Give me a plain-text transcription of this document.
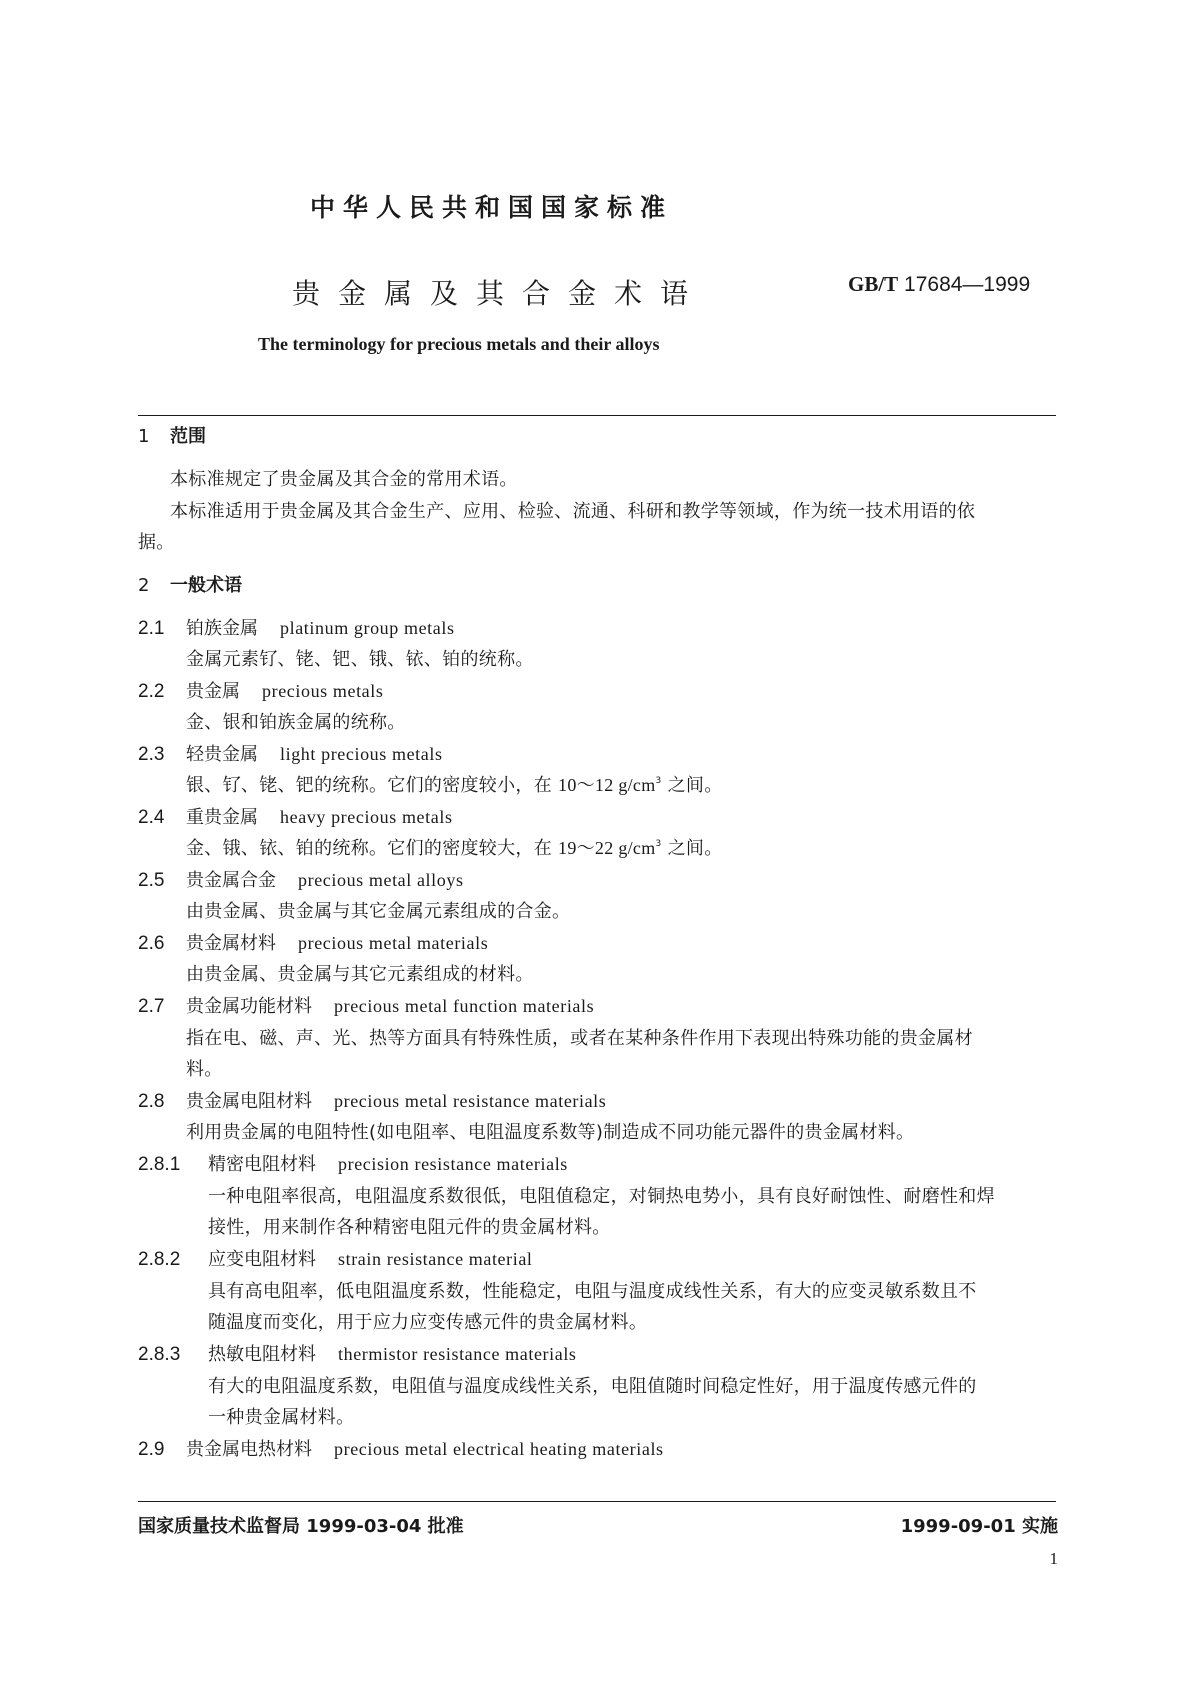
中华人民共和国国家标准
贵金属及其合金术语	GB/T 17684—1999
The terminology for precious metals and their alloys
1 范围
本标准规定了贵金属及其合金的常用术语。
本标准适用于贵金属及其合金生产、应用、检验、流通、科研和教学等领域，作为统一技术用语的依
据。
2 一般术语
2.1 铂族金属 platinum group metals
金属元素钌、铑、钯、锇、铱、铂的统称。
2.2 贵金属 precious metals
金、银和铂族金属的统称。
2.3 轻贵金属 light precious metals
银、钌、铑、钯的统称。它们的密度较小，在 10～12 $g/cm^3$ 之间。
2.4 重贵金属 heavy precious metals
金、锇、铱、铂的统称。它们的密度较大，在 19～22 $g/cm^3$ 之间。
2.5 贵金属合金 precious metal alloys
由贵金属、贵金属与其它金属元素组成的合金。
2.6 贵金属材料 precious metal materials
由贵金属、贵金属与其它元素组成的材料。
2.7 贵金属功能材料 precious metal function materials
指在电、磁、声、光、热等方面具有特殊性质，或者在某种条件作用下表现出特殊功能的贵金属材
料。
2.8 贵金属电阻材料 precious metal resistance materials
利用贵金属的电阻特性(如电阻率、电阻温度系数等)制造成不同功能元器件的贵金属材料。
2.8.1 精密电阻材料 precision resistance materials
一种电阻率很高，电阻温度系数很低，电阻值稳定，对铜热电势小，具有良好耐蚀性、耐磨性和焊
接性，用来制作各种精密电阻元件的贵金属材料。
2.8.2 应变电阻材料 strain resistance material
具有高电阻率，低电阻温度系数，性能稳定，电阻与温度成线性关系，有大的应变灵敏系数且不
随温度而变化，用于应力应变传感元件的贵金属材料。
2.8.3 热敏电阻材料 thermistor resistance materials
有大的电阻温度系数，电阻值与温度成线性关系，电阻值随时间稳定性好，用于温度传感元件的
一种贵金属材料。
2.9 贵金属电热材料 precious metal electrical heating materials
国家质量技术监督局 1999-03-04 批准	1999-09-01 实施
1
